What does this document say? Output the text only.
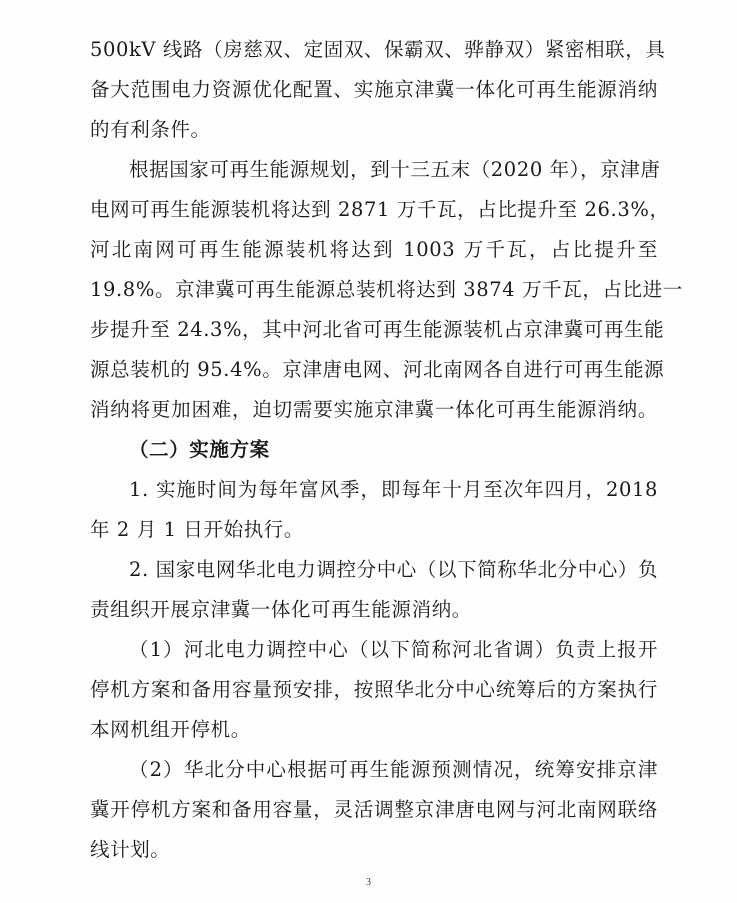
500kV 线路（房慈双、定固双、保霸双、骅静双）紧密相联，具
备大范围电力资源优化配置、实施京津冀一体化可再生能源消纳
的有利条件。

根据国家可再生能源规划，到十三五末（2020 年），京津唐
电网可再生能源装机将达到 2871 万千瓦，占比提升至 26.3%，
河北南网可再生能源装机将达到 1003 万千瓦，占比提升至
19.8%。京津冀可再生能源总装机将达到 3874 万千瓦，占比进一
步提升至 24.3%，其中河北省可再生能源装机占京津冀可再生能
源总装机的 95.4%。京津唐电网、河北南网各自进行可再生能源
消纳将更加困难，迫切需要实施京津冀一体化可再生能源消纳。

（二）实施方案

1. 实施时间为每年富风季，即每年十月至次年四月，2018
年 2 月 1 日开始执行。

2. 国家电网华北电力调控分中心（以下简称华北分中心）负
责组织开展京津冀一体化可再生能源消纳。

（1）河北电力调控中心（以下简称河北省调）负责上报开
停机方案和备用容量预安排，按照华北分中心统筹后的方案执行
本网机组开停机。

（2）华北分中心根据可再生能源预测情况，统筹安排京津
冀开停机方案和备用容量，灵活调整京津唐电网与河北南网联络
线计划。

3
